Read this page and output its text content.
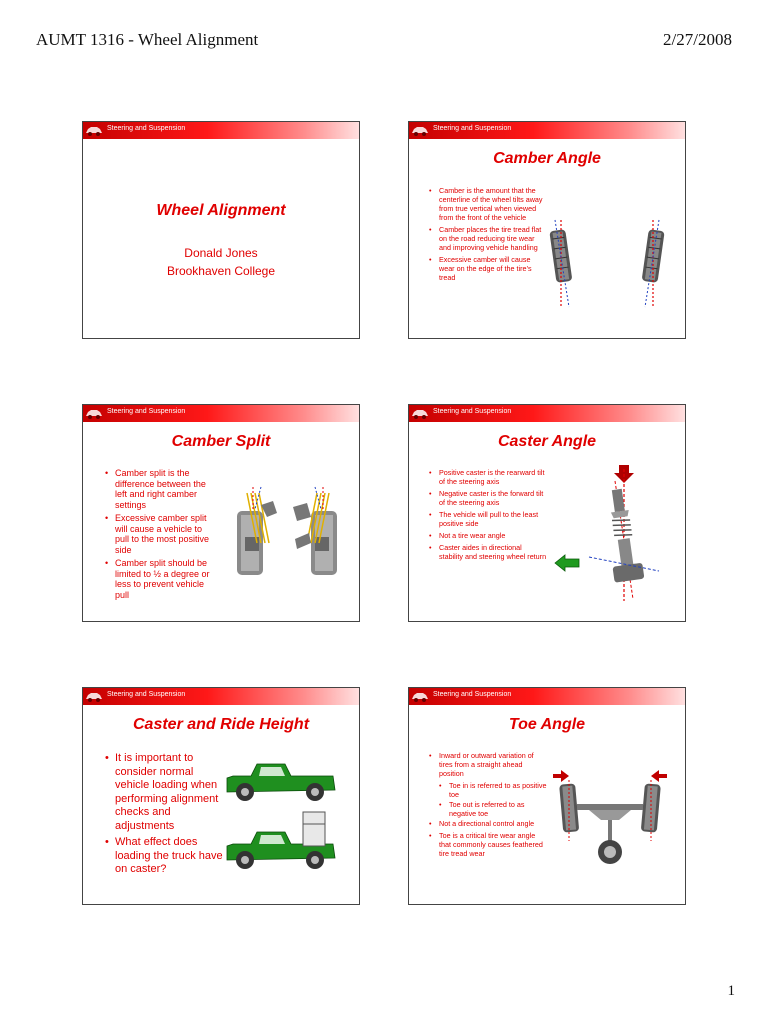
AUMT 1316 - Wheel Alignment	2/27/2008
Steering and Suspension
Wheel Alignment
Donald Jones
Brookhaven College
Steering and Suspension
Camber Angle
• Camber is the amount that the centerline of the wheel tilts away from true vertical when viewed from the front of the vehicle
• Camber places the tire tread flat on the road reducing tire wear and improving vehicle handling
• Excessive camber will cause wear on the edge of the tire’s tread
Steering and Suspension
Camber Split
• Camber split is the difference between the left and right camber settings
• Excessive camber split will cause a vehicle to pull to the most positive side
• Camber split should be limited to ½ a degree or less to prevent vehicle pull
Steering and Suspension
Caster Angle
• Positive caster is the rearward tilt of the steering axis
• Negative caster is the forward tilt of the steering axis
• The vehicle will pull to the least positive side
• Not a tire wear angle
• Caster aides in directional stability and steering wheel return
Steering and Suspension
Caster and Ride Height
• It is important to consider normal vehicle loading when performing alignment checks and adjustments
• What effect does loading the truck have on caster?
Steering and Suspension
Toe Angle
• Inward or outward variation of tires from a straight ahead position
• Toe in is referred to as positive toe
• Toe out is referred to as negative toe
• Not a directional control angle
• Toe is a critical tire wear angle that commonly causes feathered tire tread wear
1
